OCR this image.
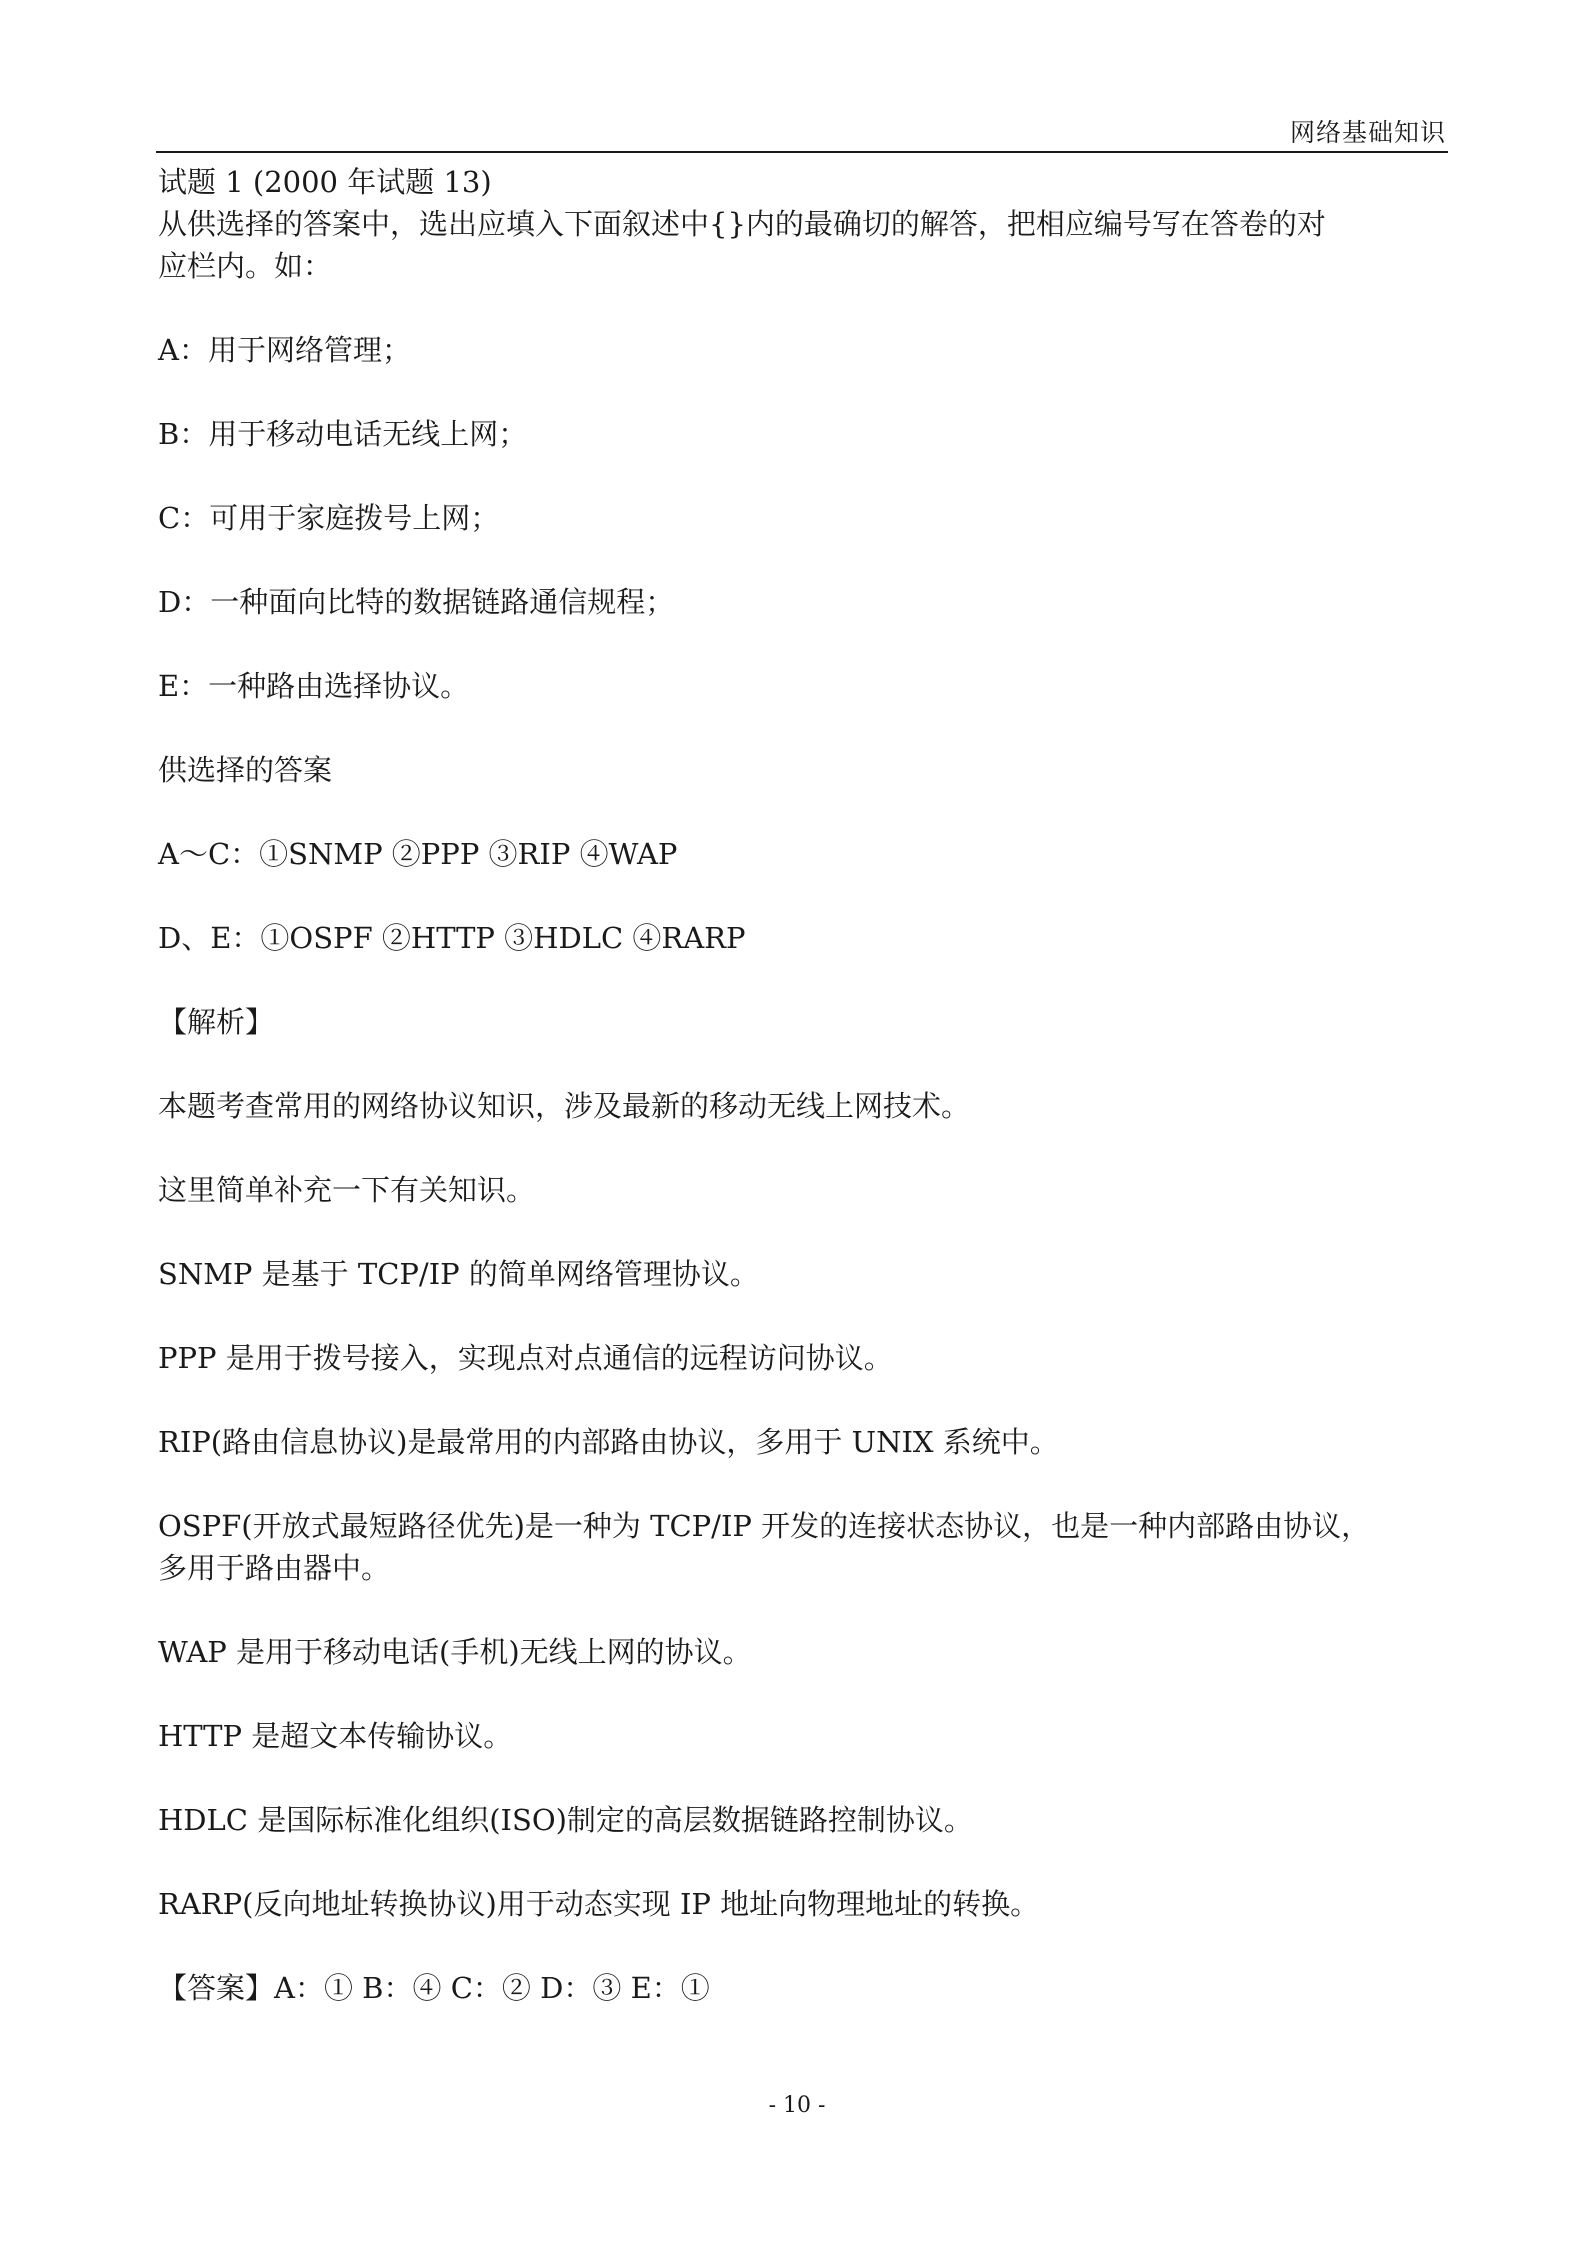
网络基础知识
试题 1 (2000 年试题 13)
从供选择的答案中，选出应填入下面叙述中{}内的最确切的解答，把相应编号写在答卷的对
应栏内。如：
A：用于网络管理；
B：用于移动电话无线上网；
C：可用于家庭拨号上网；
D：一种面向比特的数据链路通信规程；
E：一种路由选择协议。
供选择的答案
A～C：①SNMP ②PPP ③RIP ④WAP
D、E：①OSPF ②HTTP ③HDLC ④RARP
【解析】
本题考查常用的网络协议知识，涉及最新的移动无线上网技术。
这里简单补充一下有关知识。
SNMP 是基于 TCP/IP 的简单网络管理协议。
PPP 是用于拨号接入，实现点对点通信的远程访问协议。
RIP(路由信息协议)是最常用的内部路由协议，多用于 UNIX 系统中。
OSPF(开放式最短路径优先)是一种为 TCP/IP 开发的连接状态协议，也是一种内部路由协议，
多用于路由器中。
WAP 是用于移动电话(手机)无线上网的协议。
HTTP 是超文本传输协议。
HDLC 是国际标准化组织(ISO)制定的高层数据链路控制协议。
RARP(反向地址转换协议)用于动态实现 IP 地址向物理地址的转换。
【答案】A：① B：④ C：② D：③ E：①
- 10 -
